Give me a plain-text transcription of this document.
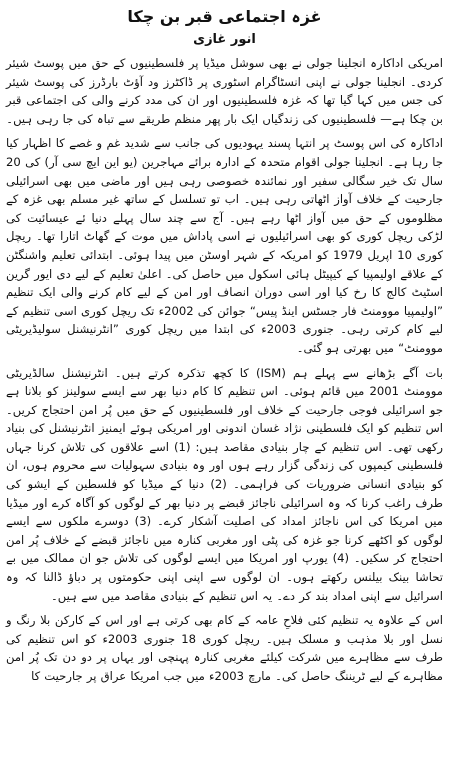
غزہ اجتماعی قبر بن چکا
انور غازی

امریکی اداکارہ انجلینا جولی نے بھی سوشل میڈیا پر فلسطینیوں کے حق میں پوسٹ شیئر کردی۔ انجلینا جولی نے اپنی انسٹاگرام اسٹوری پر ڈاکٹرز ود آؤٹ بارڈرز کی پوسٹ شیئر کی جس میں کہا گیا تھا کہ غزہ فلسطینیوں اور ان کی مدد کرنے والی کی اجتماعی قبر بن چکا ہے— فلسطینیوں کی زندگیاں ایک بار پھر منظم طریقے سے تباہ کی جا رہی ہیں۔

اداکارہ کی اس پوسٹ پر انتہا پسند یہودیوں کی جانب سے شدید غم و غصے کا اظہار کیا جا رہا ہے۔ انجلینا جولی اقوام متحدہ کے ادارہ برائے مہاجرین (یو این ایچ سی آر) کی 20 سال تک خیر سگالی سفیر اور نمائندہ خصوصی رہی ہیں اور ماضی میں بھی اسرائیلی جارحیت کے خلاف آواز اٹھاتی رہی ہیں۔ اب تو تسلسل کے ساتھ غیر مسلم بھی غزہ کے مظلوموں کے حق میں آواز اٹھا رہے ہیں۔ آج سے چند سال پہلے دنیا ئے عیسائیت کی لڑکی ریچل کوری کو بھی اسرائیلیوں نے اسی پاداش میں موت کے گھاٹ اتارا تھا۔ ریچل کوری 10 اپریل 1979 کو امریکہ کے شہر اوسٹن میں پیدا ہوئی۔ ابتدائی تعلیم واشنگٹن کے علاقے اولیمپیا کے کیپیٹل ہائی اسکول میں حاصل کی۔ اعلیٰ تعلیم کے لیے دی ایور گرین اسٹیٹ کالج کا رخ کیا اور اسی دوران انصاف اور امن کے لیے کام کرنے والی ایک تنظیم ”اولیمپیا موومنٹ فار جسٹس اینڈ پیس“ جوائن کی 2002ء تک ریچل کوری اسی تنظیم کے لیے کام کرتی رہی۔ جنوری 2003ء کی ابتدا میں ریچل کوری ”انٹرنیشنل سولیڈیریٹی موومنٹ“ میں بھرتی ہو گئی۔

بات آگے بڑھانے سے پہلے ہم (ISM) کا کچھ تذکرہ کرتے ہیں۔ انٹرنیشنل سالڈیریٹی موومنٹ 2001 میں قائم ہوئی۔ اس تنظیم کا کام دنیا بھر سے ایسے سولینز کو بلانا ہے جو اسرائیلی فوجی جارحیت کے خلاف اور فلسطینیوں کے حق میں پُر امن احتجاج کریں۔ اس تنظیم کو ایک فلسطینی نژاد غسان اندونی اور امریکی ہوئے ایمنیز انٹرنیشنل کی بنیاد رکھی تھی۔ اس تنظیم کے چار بنیادی مقاصد ہیں: (1) اسے علاقوں کی تلاش کرنا جہاں فلسطینی کیمپوں کی زندگی گزار رہے ہوں اور وہ بنیادی سہولیات سے محروم ہوں، ان کو بنیادی انسانی ضروریات کی فراہمی۔ (2) دنیا کے میڈیا کو فلسطین کے ایشو کی طرف راغب کرنا کہ وہ اسرائیلی ناجائز قبضے پر دنیا بھر کے لوگوں کو آگاہ کرے اور میڈیا میں امریکا کی اس ناجائز امداد کی اصلیت آشکار کرے۔ (3) دوسرے ملکوں سے ایسے لوگوں کو اکٹھے کرنا جو غزہ کی پٹی اور مغربی کنارہ میں ناجائز قبضے کے خلاف پُر امن احتجاج کر سکیں۔ (4) یورپ اور امریکا میں ایسے لوگوں کی تلاش جو ان ممالک میں بے تحاشا بینک بیلنس رکھتے ہوں۔ ان لوگوں سے اپنی اپنی حکومتوں پر دباؤ ڈالنا کہ وہ اسرائیل سے اپنی امداد بند کر دے۔ یہ اس تنظیم کے بنیادی مقاصد میں سے ہیں۔

اس کے علاوہ یہ تنظیم کئی فلاحِ عامہ کے کام بھی کرتی ہے اور اس کے کارکن بلا رنگ و نسل اور بلا مذہب و مسلک ہیں۔ ریچل کوری 18 جنوری 2003ء کو اس تنظیم کی طرف سے مظاہرے میں شرکت کیلئے مغربی کنارہ پہنچی اور یہاں پر دو دن تک پُر امن مظاہرے کے لیے ٹریننگ حاصل کی۔ مارچ 2003ء میں جب امریکا عراق پر جارحیت کا
